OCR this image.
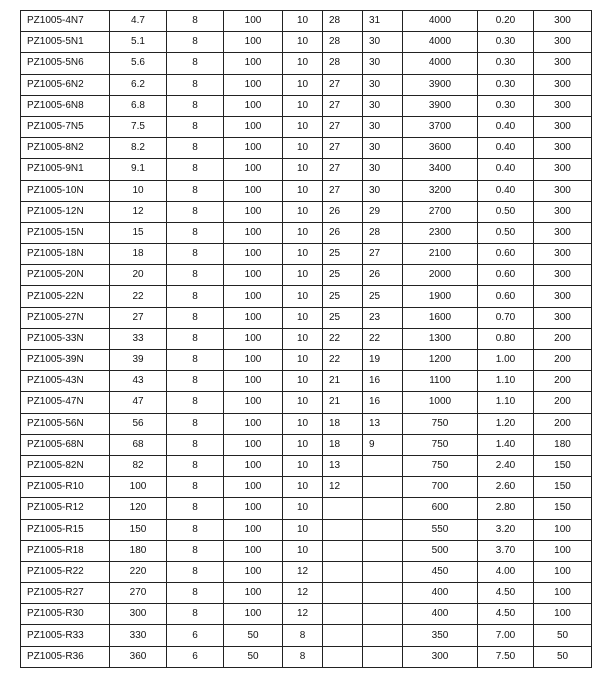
PZ1005-4N7	4.7	8	100	10	28	31	4000	0.20	300
PZ1005-5N1	5.1	8	100	10	28	30	4000	0.30	300
PZ1005-5N6	5.6	8	100	10	28	30	4000	0.30	300
PZ1005-6N2	6.2	8	100	10	27	30	3900	0.30	300
PZ1005-6N8	6.8	8	100	10	27	30	3900	0.30	300
PZ1005-7N5	7.5	8	100	10	27	30	3700	0.40	300
PZ1005-8N2	8.2	8	100	10	27	30	3600	0.40	300
PZ1005-9N1	9.1	8	100	10	27	30	3400	0.40	300
PZ1005-10N	10	8	100	10	27	30	3200	0.40	300
PZ1005-12N	12	8	100	10	26	29	2700	0.50	300
PZ1005-15N	15	8	100	10	26	28	2300	0.50	300
PZ1005-18N	18	8	100	10	25	27	2100	0.60	300
PZ1005-20N	20	8	100	10	25	26	2000	0.60	300
PZ1005-22N	22	8	100	10	25	25	1900	0.60	300
PZ1005-27N	27	8	100	10	25	23	1600	0.70	300
PZ1005-33N	33	8	100	10	22	22	1300	0.80	200
PZ1005-39N	39	8	100	10	22	19	1200	1.00	200
PZ1005-43N	43	8	100	10	21	16	1100	1.10	200
PZ1005-47N	47	8	100	10	21	16	1000	1.10	200
PZ1005-56N	56	8	100	10	18	13	750	1.20	200
PZ1005-68N	68	8	100	10	18	9	750	1.40	180
PZ1005-82N	82	8	100	10	13		750	2.40	150
PZ1005-R10	100	8	100	10	12		700	2.60	150
PZ1005-R12	120	8	100	10			600	2.80	150
PZ1005-R15	150	8	100	10			550	3.20	100
PZ1005-R18	180	8	100	10			500	3.70	100
PZ1005-R22	220	8	100	12			450	4.00	100
PZ1005-R27	270	8	100	12			400	4.50	100
PZ1005-R30	300	8	100	12			400	4.50	100
PZ1005-R33	330	6	50	8			350	7.00	50
PZ1005-R36	360	6	50	8			300	7.50	50
